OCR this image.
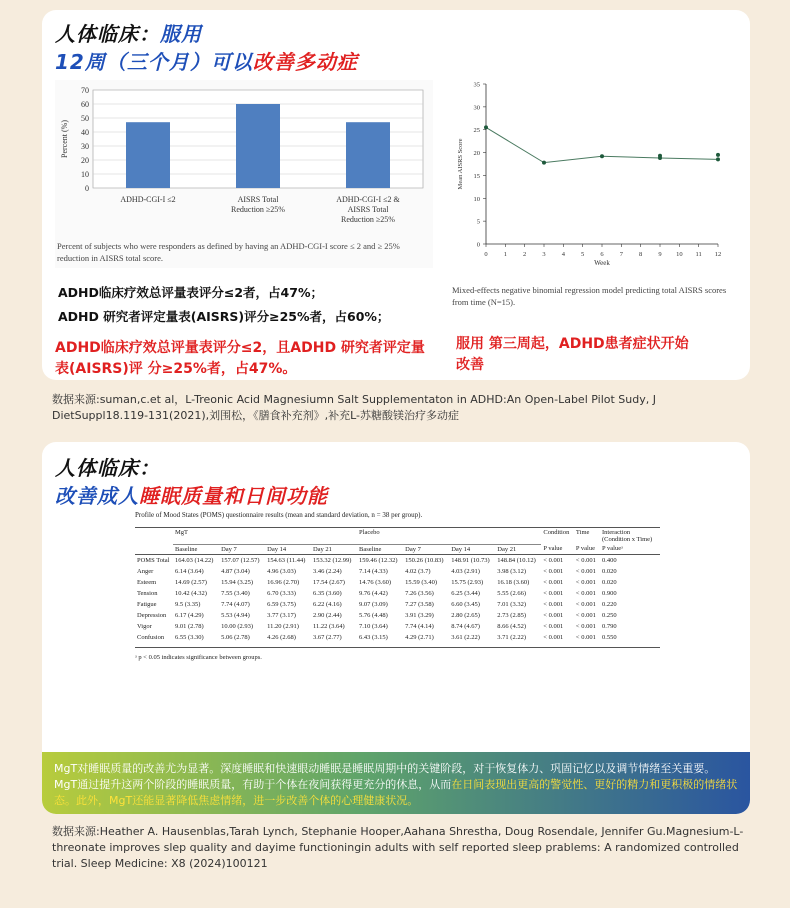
人体临床：服用
12周（三个月）可以改善多动症
0
10
20
30
40
50
60
70
Percent (%)
ADHD-CGI-I ≤2	AISRS Total
Reduction ≥25%
ADHD-CGI-I ≤2 &
AISRS Total
Reduction ≥25%
Percent of subjects who were responders as defined by having an ADHD-CGI-I score ≤ 2 and ≥ 25% reduction in AISRS total score.
0
5
10
15
20
25
30
35
0 1 2 3 4 5 6 7 8 9 10 11 12
Week
Mean AISRS Score
Mixed-effects negative binomial regression model predicting total AISRS scores from time (N=15).
ADHD临床疗效总评量表评分≤2者，占47%；
ADHD 研究者评定量表(AISRS)评分≥25%者，占60%；
ADHD临床疗效总评量表评分≤2，且ADHD 研究者评定量表(AISRS)评 分≥25%者，占47%。
服用 第三周起，ADHD患者症状开始改善
数据来源:suman,c.et al，L-Treonic Acid Magnesiumn Salt Supplementaton in ADHD:An Open-Label Pilot Sudy, J DietSuppl18.119-131(2021),刘围松，《膳食补充剂》,补充L-苏糖酸镁治疗多动症
人体临床：
改善成人睡眠质量和日间功能
Profile of Mood States (POMS) questionnaire results (mean and standard deviation, n = 38 per group).
	MgT				Placebo				Condition	Time	Interaction (Condition x Time)
	Baseline	Day 7	Day 14	Day 21	Baseline	Day 7	Day 14	Day 21	P value	P value	P valueᵃ
POMS Total	164.03 (14.22)	157.07 (12.57)	154.63 (11.44)	153.32 (12.99)	159.46 (12.32)	150.26 (10.83)	148.91 (10.73)	148.84 (10.12)	< 0.001	< 0.001	0.400
Anger	6.14 (3.64)	4.87 (3.04)	4.96 (3.03)	3.46 (2.24)	7.14 (4.33)	4.02 (3.7)	4.03 (2.91)	3.98 (3.12)	< 0.001	< 0.001	0.020
Esteem	14.69 (2.57)	15.94 (3.25)	16.96 (2.70)	17.54 (2.67)	14.76 (3.60)	15.59 (3.40)	15.75 (2.93)	16.18 (3.60)	< 0.001	< 0.001	0.020
Tension	10.42 (4.32)	7.55 (3.40)	6.70 (3.33)	6.35 (3.60)	9.76 (4.42)	7.26 (3.56)	6.25 (3.44)	5.55 (2.66)	< 0.001	< 0.001	0.900
Fatigue	9.5 (3.35)	7.74 (4.07)	6.59 (3.75)	6.22 (4.16)	9.07 (3.09)	7.27 (3.58)	6.60 (3.45)	7.01 (3.32)	< 0.001	< 0.001	0.220
Depression	6.17 (4.29)	5.53 (4.94)	3.77 (3.17)	2.90 (2.44)	5.76 (4.48)	3.91 (3.29)	2.80 (2.65)	2.73 (2.85)	< 0.001	< 0.001	0.250
Vigor	9.01 (2.78)	10.00 (2.93)	11.20 (2.91)	11.22 (3.64)	7.10 (3.64)	7.74 (4.14)	8.74 (4.67)	8.66 (4.52)	< 0.001	< 0.001	0.790
Confusion	6.55 (3.30)	5.06 (2.78)	4.26 (2.68)	3.67 (2.77)	6.43 (3.15)	4.29 (2.71)	3.61 (2.22)	3.71 (2.22)	< 0.001	< 0.001	0.550
ᵃ p < 0.05 indicates significance between groups.
MgT对睡眠质量的改善尤为显著。深度睡眠和快速眼动睡眠是睡眠周期中的关键阶段，对于恢复体力、巩固记忆以及调节情绪至关重要。MgT通过提升这两个阶段的睡眠质量，有助于个体在夜间获得更充分的休息，从而在日间表现出更高的警觉性、更好的精力和更积极的情绪状态。此外，MgT还能显著降低焦虑情绪，进一步改善个体的心理健康状况。
数据来源:Heather A. Hausenblas,Tarah Lynch, Stephanie Hooper,Aahana Shrestha, Doug Rosendale, Jennifer Gu.Magnesium-L-threonate improves slep quality and dayime functioningin adults with self reported sleep prablems: A randomized controlled trial. Sleep Medicine: X8 (2024)100121
